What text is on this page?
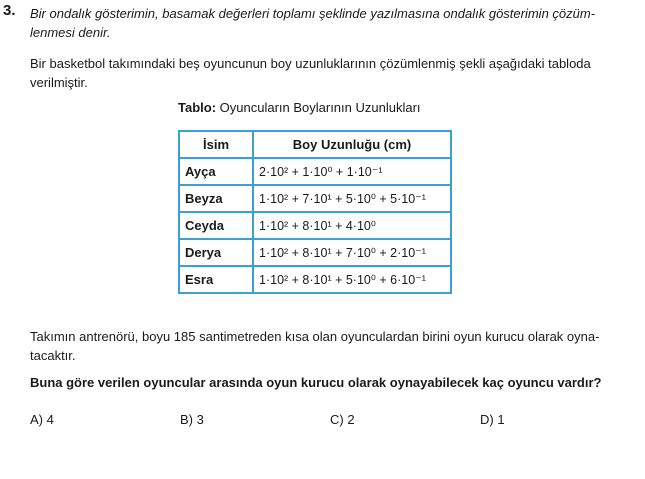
3. Bir ondalık gösterimin, basamak değerleri toplamı şeklinde yazılmasına ondalık gösterimin çözüm-
lenmesi denir.
Bir basketbol takımındaki beş oyuncunun boy uzunluklarının çözümlenmiş şekli aşağıdaki tabloda
verilmiştir.
Tablo: Oyuncuların Boylarının Uzunlukları
İsim	Boy Uzunluğu (cm)
Ayça	2·10² + 1·10⁰ + 1·10⁻¹
Beyza	1·10² + 7·10¹ + 5·10⁰ + 5·10⁻¹
Ceyda	1·10² + 8·10¹ + 4·10⁰
Derya	1·10² + 8·10¹ + 7·10⁰ + 2·10⁻¹
Esra	1·10² + 8·10¹ + 5·10⁰ + 6·10⁻¹
Takımın antrenörü, boyu 185 santimetreden kısa olan oyunculardan birini oyun kurucu olarak oyna-
tacaktır.
Buna göre verilen oyuncular arasında oyun kurucu olarak oynayabilecek kaç oyuncu vardır?
A) 4	B) 3	C) 2	D) 1
